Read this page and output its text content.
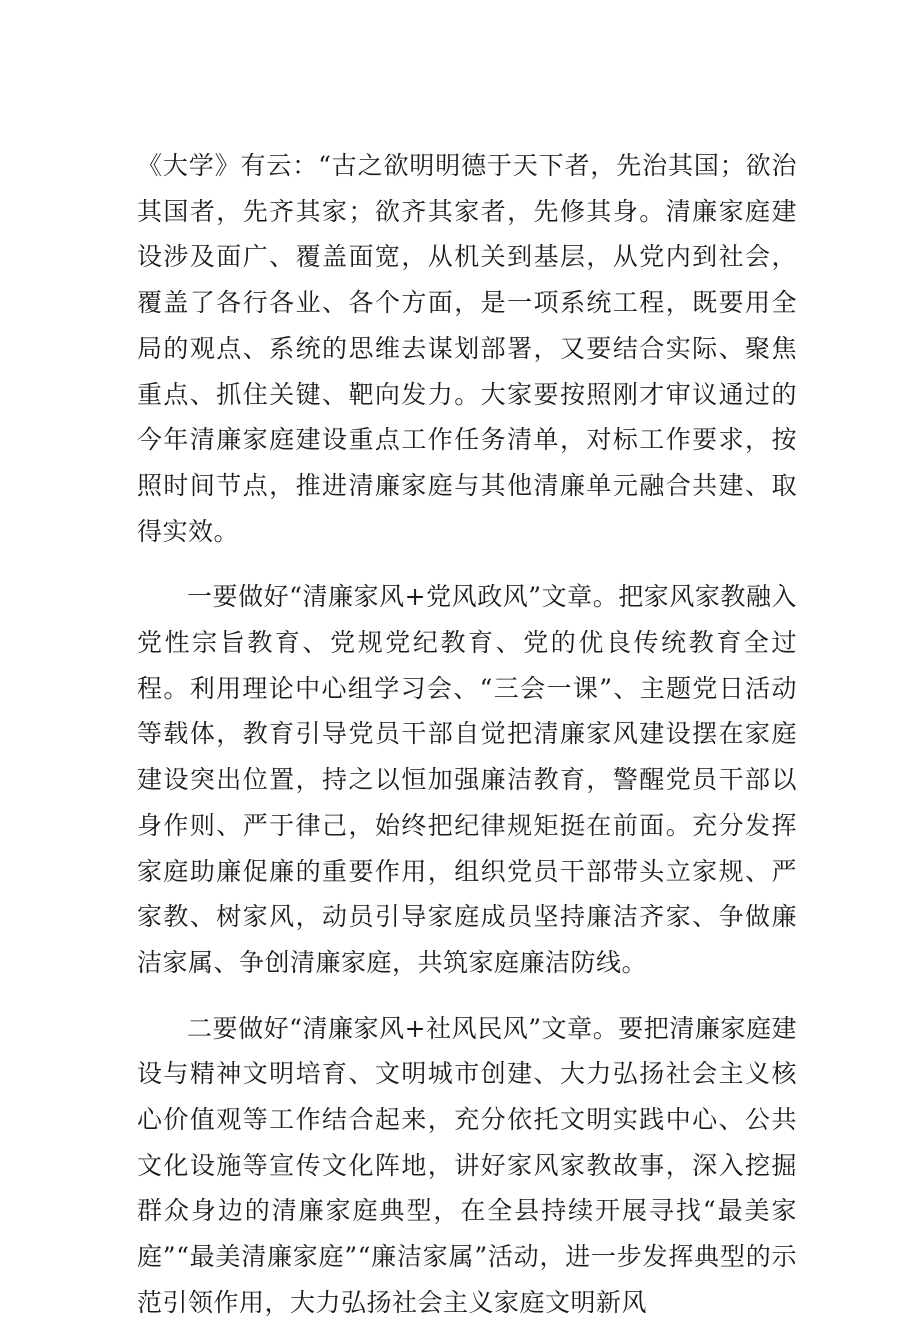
《大学》有云：“古之欲明明德于天下者，先治其国；欲治其国者，先齐其家；欲齐其家者，先修其身。清廉家庭建设涉及面广、覆盖面宽，从机关到基层，从党内到社会，覆盖了各行各业、各个方面，是一项系统工程，既要用全局的观点、系统的思维去谋划部署，又要结合实际、聚焦重点、抓住关键、靶向发力。大家要按照刚才审议通过的今年清廉家庭建设重点工作任务清单，对标工作要求，按照时间节点，推进清廉家庭与其他清廉单元融合共建、取得实效。

一要做好“清廉家风+党风政风”文章。把家风家教融入党性宗旨教育、党规党纪教育、党的优良传统教育全过程。利用理论中心组学习会、“三会一课”、主题党日活动等载体，教育引导党员干部自觉把清廉家风建设摆在家庭建设突出位置，持之以恒加强廉洁教育，警醒党员干部以身作则、严于律己，始终把纪律规矩挺在前面。充分发挥家庭助廉促廉的重要作用，组织党员干部带头立家规、严家教、树家风，动员引导家庭成员坚持廉洁齐家、争做廉洁家属、争创清廉家庭，共筑家庭廉洁防线。

二要做好“清廉家风+社风民风”文章。要把清廉家庭建设与精神文明培育、文明城市创建、大力弘扬社会主义核心价值观等工作结合起来，充分依托文明实践中心、公共文化设施等宣传文化阵地，讲好家风家教故事，深入挖掘群众身边的清廉家庭典型，在全县持续开展寻找“最美家庭”“最美清廉家庭”“廉洁家属”活动，进一步发挥典型的示范引领作用，大力弘扬社会主义家庭文明新风
